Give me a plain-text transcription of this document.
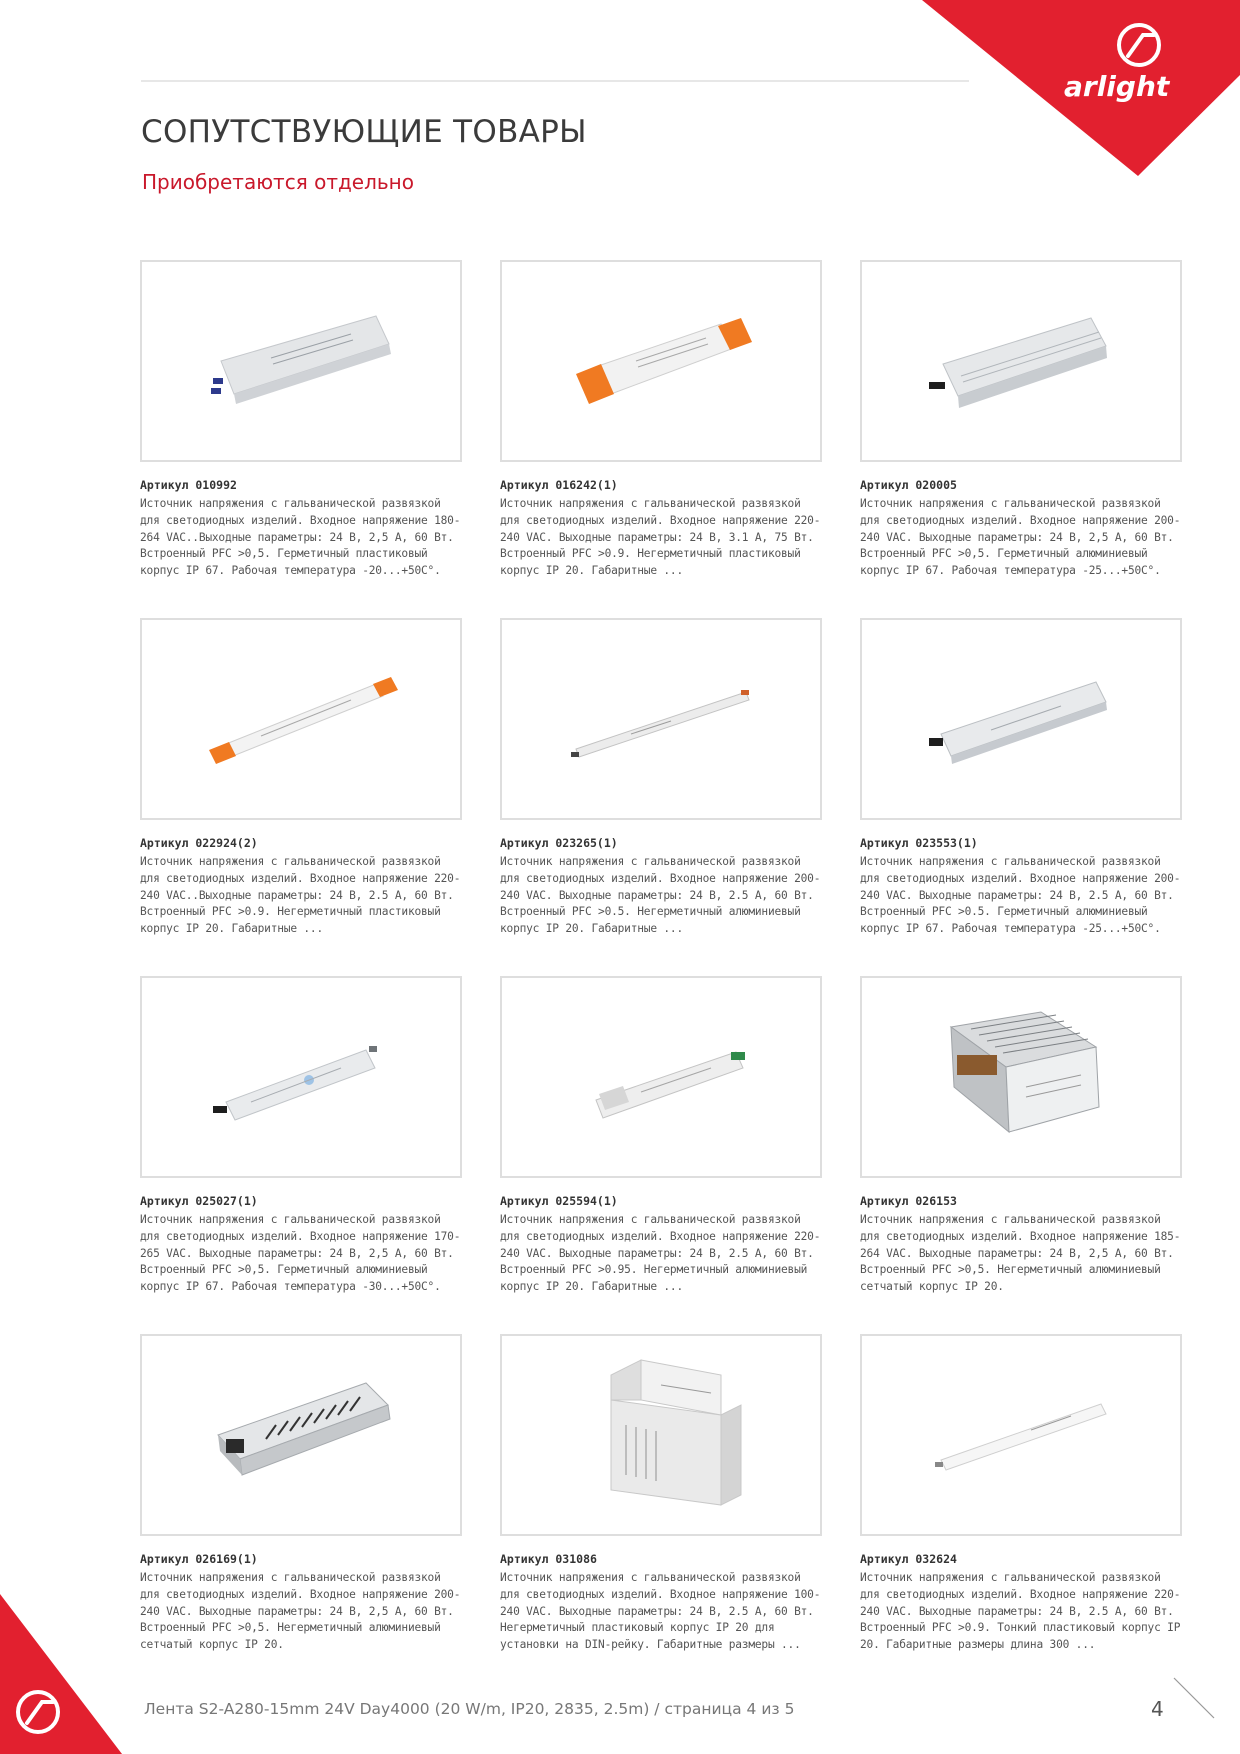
arlight
СОПУТСТВУЮЩИЕ ТОВАРЫ
Приобретаются отдельно
Артикул 010992
Источник напряжения с гальванической развязкой для светодиодных изделий. Входное напряжение 180-264 VAC..Выходные параметры: 24 В, 2,5 А, 60 Вт. Встроенный PFC >0,5. Герметичный пластиковый корпус IP 67. Рабочая температура -20...+50C°.
Артикул 016242(1)
Источник напряжения с гальванической развязкой для светодиодных изделий. Входное напряжение 220-240 VAC. Выходные параметры: 24 В, 3.1 А, 75 Вт. Встроенный PFC >0.9. Негерметичный пластиковый корпус IP 20. Габаритные ...
Артикул 020005
Источник напряжения с гальванической развязкой для светодиодных изделий. Входное напряжение 200-240 VAC. Выходные параметры: 24 В, 2,5 А, 60 Вт. Встроенный PFC >0,5. Герметичный алюминиевый корпус IP 67. Рабочая температура -25...+50C°.
Артикул 022924(2)
Источник напряжения с гальванической развязкой для светодиодных изделий. Входное напряжение 220-240 VAC..Выходные параметры: 24 В, 2.5 А, 60 Вт. Встроенный PFC >0.9. Негерметичный пластиковый корпус IP 20. Габаритные ...
Артикул 023265(1)
Источник напряжения с гальванической развязкой для светодиодных изделий. Входное напряжение 200-240 VAC. Выходные параметры: 24 В, 2.5 А, 60 Вт. Встроенный PFC >0.5. Негерметичный алюминиевый корпус IP 20. Габаритные ...
Артикул 023553(1)
Источник напряжения с гальванической развязкой для светодиодных изделий. Входное напряжение 200-240 VAC. Выходные параметры: 24 В, 2.5 А, 60 Вт. Встроенный PFC >0.5. Герметичный алюминиевый корпус IP 67. Рабочая температура -25...+50C°.
Артикул 025027(1)
Источник напряжения с гальванической развязкой для светодиодных изделий. Входное напряжение 170-265 VAC. Выходные параметры: 24 В, 2,5 А, 60 Вт. Встроенный PFC >0,5. Герметичный алюминиевый корпус IP 67. Рабочая температура -30...+50C°.
Артикул 025594(1)
Источник напряжения с гальванической развязкой для светодиодных изделий. Входное напряжение 220-240 VAC. Выходные параметры: 24 В, 2.5 А, 60 Вт. Встроенный PFC >0.95. Негерметичный алюминиевый корпус IP 20. Габаритные ...
Артикул 026153
Источник напряжения с гальванической развязкой для светодиодных изделий. Входное напряжение 185-264 VAC. Выходные параметры: 24 В, 2,5 А, 60 Вт. Встроенный PFC >0,5. Негерметичный алюминиевый сетчатый корпус IP 20.
Артикул 026169(1)
Источник напряжения с гальванической развязкой для светодиодных изделий. Входное напряжение 200-240 VAC. Выходные параметры: 24 В, 2,5 А, 60 Вт. Встроенный PFC >0,5. Негерметичный алюминиевый сетчатый корпус IP 20.
Артикул 031086
Источник напряжения с гальванической развязкой для светодиодных изделий. Входное напряжение 100-240 VAC. Выходные параметры: 24 В, 2.5 А, 60 Вт. Негерметичный пластиковый корпус IP 20 для установки на DIN-рейку. Габаритные размеры ...
Артикул 032624
Источник напряжения с гальванической развязкой для светодиодных изделий. Входное напряжение 220-240 VAC. Выходные параметры: 24 В, 2.5 А, 60 Вт. Встроенный PFC >0.9. Тонкий пластиковый корпус IP 20. Габаритные размеры длина 300 ...
Лента S2-A280-15mm 24V Day4000 (20 W/m, IP20, 2835, 2.5m) / страница 4 из 5	4
